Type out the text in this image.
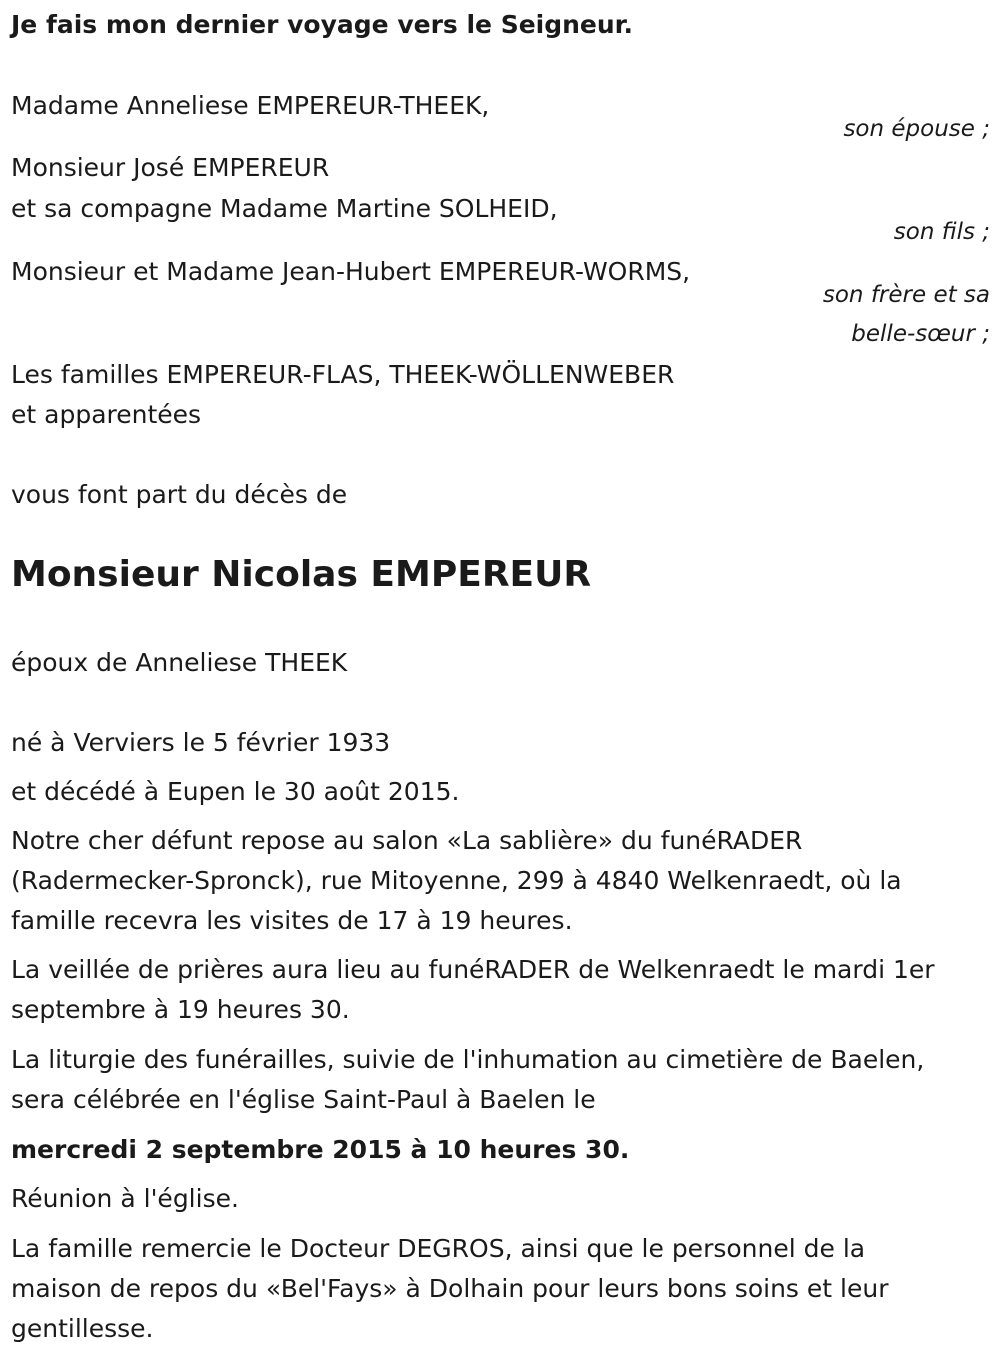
Je fais mon dernier voyage vers le Seigneur.

Madame Anneliese EMPEREUR-THEEK,

son épouse ;

Monsieur José EMPEREUR

et sa compagne Madame Martine SOLHEID,

son fils ;

Monsieur et Madame Jean-Hubert EMPEREUR-WORMS,

son frère et sa
belle-sœur ;

Les familles EMPEREUR-FLAS, THEEK-WÖLLENWEBER

et apparentées

vous font part du décès de

Monsieur Nicolas EMPEREUR

époux de Anneliese THEEK

né à Verviers le 5 février 1933

et décédé à Eupen le 30 août 2015.

Notre cher défunt repose au salon «La sablière» du funéRADER

(Radermecker-Spronck), rue Mitoyenne, 299 à 4840 Welkenraedt, où la

famille recevra les visites de 17 à 19 heures.

La veillée de prières aura lieu au funéRADER de Welkenraedt le mardi 1er

septembre à 19 heures 30.

La liturgie des funérailles, suivie de l'inhumation au cimetière de Baelen,

sera célébrée en l'église Saint-Paul à Baelen le

mercredi 2 septembre 2015 à 10 heures 30.

Réunion à l'église.

La famille remercie le Docteur DEGROS, ainsi que le personnel de la

maison de repos du «Bel'Fays» à Dolhain pour leurs bons soins et leur

gentillesse.
